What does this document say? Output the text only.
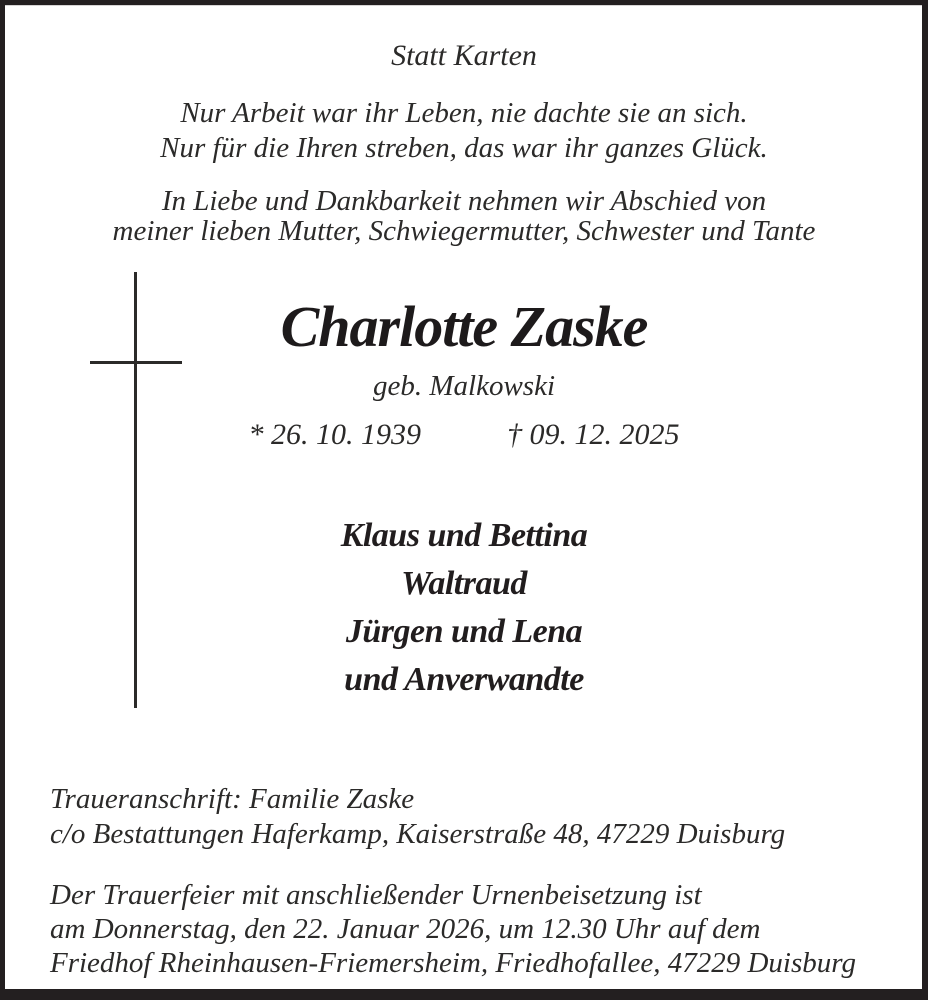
Statt Karten
Nur Arbeit war ihr Leben, nie dachte sie an sich.
Nur für die Ihren streben, das war ihr ganzes Glück.
In Liebe und Dankbarkeit nehmen wir Abschied von
meiner lieben Mutter, Schwiegermutter, Schwester und Tante
Charlotte Zaske
geb. Malkowski
* 26. 10. 1939	† 09. 12. 2025
Klaus und Bettina
Waltraud
Jürgen und Lena
und Anverwandte
Traueranschrift: Familie Zaske
c/o Bestattungen Haferkamp, Kaiserstraße 48, 47229 Duisburg
Der Trauerfeier mit anschließender Urnenbeisetzung ist
am Donnerstag, den 22. Januar 2026, um 12.30 Uhr auf dem
Friedhof Rheinhausen-Friemersheim, Friedhofallee, 47229 Duisburg
